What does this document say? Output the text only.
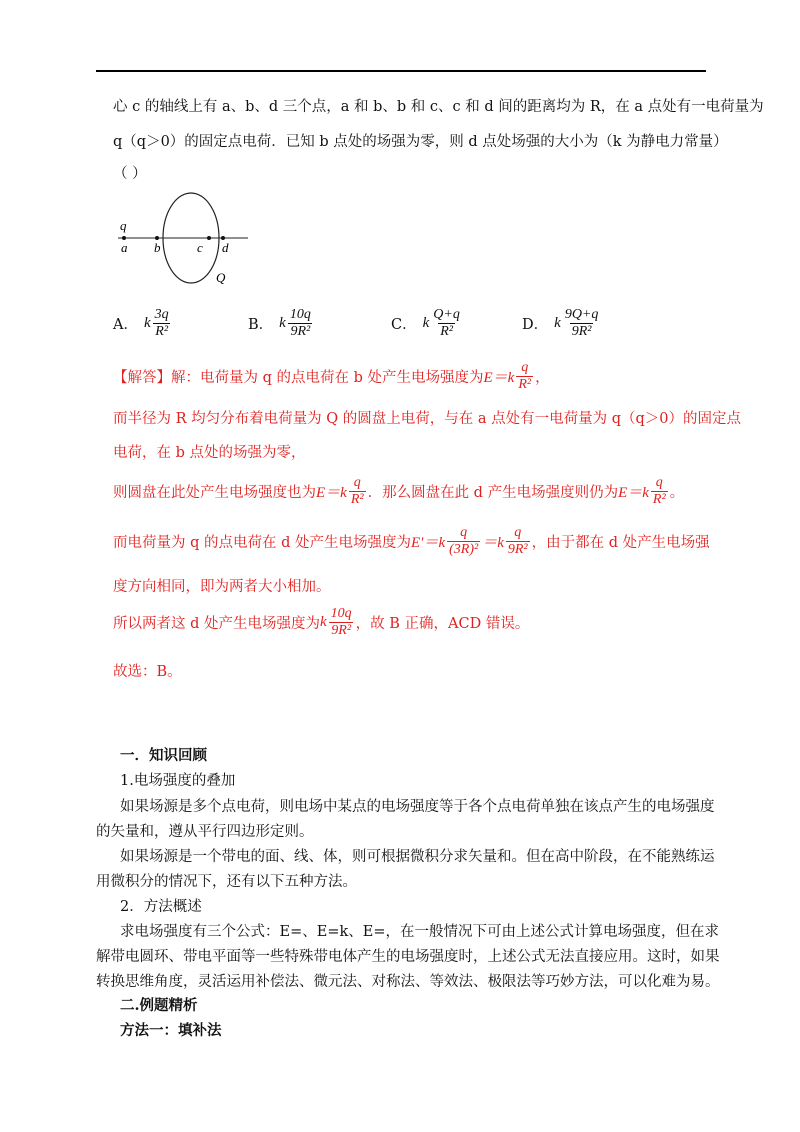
心 c 的轴线上有 a、b、d 三个点，a 和 b、b 和 c、c 和 d 间的距离均为 R，在 a 点处有一电荷量为
q（q＞0）的固定点电荷．已知 b 点处的场强为零，则 d 点处场强的大小为（k 为静电力常量）
（ ）
q
a b	c d
Q
A． k $\frac{3q}{\text{R²}}$	B． k $\frac{10q}{\text{9R²}}$	C． k $\frac{Q+q}{\text{R²}}$	D． k $\frac{9Q+q}{\text{9R²}}$
【解答】 解：电荷量为 q 的点电荷在 b 处产生电场强度为 $E=k \frac{q}{\text{R²}}$ ，
而半径为 R 均匀分布着电荷量为 Q 的圆盘上电荷，与在 a 点处有一电荷量为 q（q＞0）的固定点
电荷，在 b 点处的场强为零，
则圆盘在此处产生电场强度也为 $E=k \frac{q}{\text{R²}}$ ．那么圆盘在此 d 产生电场强度则仍为 $E=k \frac{q}{\text{R²}}$ 。
而电荷量为 q 的点电荷在 d 处产生电场强度为 $E'=k \frac{q}{\text{(3R)²}} =k \frac{q}{\text{9R²}}$ ，由于都在 d 处产生电场强
度方向相同，即为两者大小相加。
所以两者这 d 处产生电场强度为 k $\frac{10q}{\text{9R²}}$ ，故 B 正确，ACD 错误。
故选：B。
一．知识回顾
1.电场强度的叠加
如果场源是多个点电荷，则电场中某点的电场强度等于各个点电荷单独在该点产生的电场强度
的矢量和，遵从平行四边形定则。
如果场源是一个带电的面、线、体，则可根据微积分求矢量和。但在高中阶段，在不能熟练运
用微积分的情况下，还有以下五种方法。
2．方法概述
求电场强度有三个公式：E=、E=k、E=，在一般情况下可由上述公式计算电场强度，但在求
解带电圆环、带电平面等一些特殊带电体产生的电场强度时，上述公式无法直接应用。这时，如果
转换思维角度，灵活运用补偿法、微元法、对称法、等效法、极限法等巧妙方法，可以化难为易。
二.例题精析
方法一：填补法
